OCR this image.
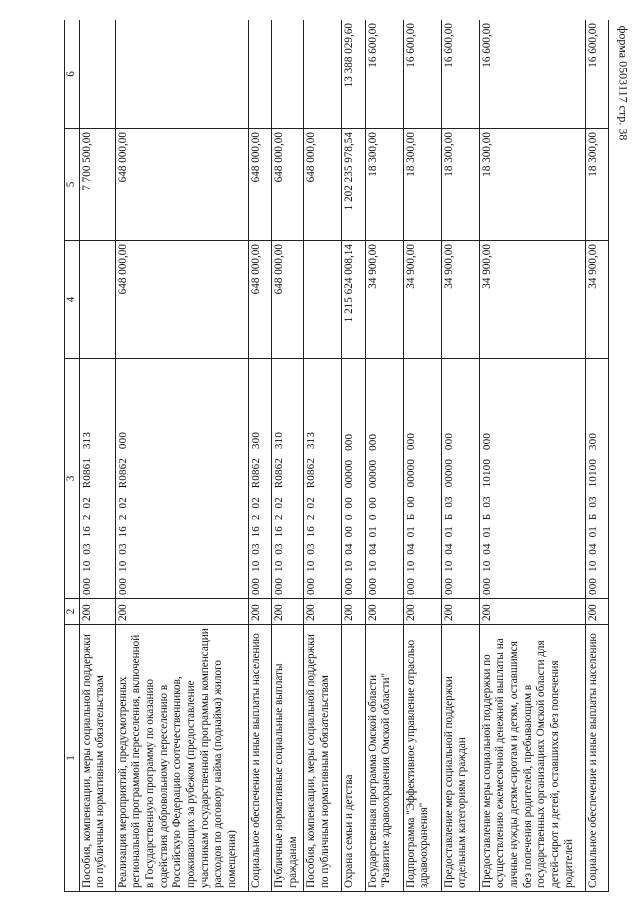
форма 0503117 стр. 38
1	2	3	4	5	6
Пособия, компенсации, меры социальной поддержки по публичным нормативным обязательствам	200	000  10  03  16  2  02   R0861   313		7 700 500,00	
Реализация мероприятий, предусмотренных региональной программой переселения, включенной в Государственную программу по оказанию содействия добровольному переселению в Российскую Федерацию соотечественников, проживающих за рубежом (предоставление участникам государственной программы компенсации расходов по договору найма (поднайма) жилого помещения)	200	000  10  03  16  2  02   R0862   000	648 000,00	648 000,00	
Социальное обеспечение и иные выплаты населению	200	000  10  03  16  2  02   R0862   300	648 000,00	648 000,00	
Публичные нормативные социальные выплаты гражданам	200	000  10  03  16  2  02   R0862   310	648 000,00	648 000,00	
Пособия, компенсации, меры социальной поддержки по публичным нормативным обязательствам	200	000  10  03  16  2  02   R0862   313		648 000,00	
Охрана семьи и детства	200	000  10  04  00  0  00   00000   000	1 215 624 008,14	1 202 235 978,54	13 388 029,60
Государственная программа Омской области "Развитие здравоохранения Омской области"	200	000  10  04  01  0  00   00000   000	34 900,00	18 300,00	16 600,00
Подпрограмма "Эффективное управление отраслью здравоохранения"	200	000  10  04  01  Б  00   00000   000	34 900,00	18 300,00	16 600,00
Предоставление мер социальной поддержки отдельным категориям граждан	200	000  10  04  01  Б  03   00000   000	34 900,00	18 300,00	16 600,00
Предоставление меры социальной поддержки по осуществлению ежемесячной денежной выплаты на личные нужды детям-сиротам и детям, оставшимся без попечения родителей, пребывающим в государственных организациях Омской области для детей-сирот и детей, оставшихся без попечения родителей	200	000  10  04  01  Б  03   10100   000	34 900,00	18 300,00	16 600,00
Социальное обеспечение и иные выплаты населению	200	000  10  04  01  Б  03   10100   300	34 900,00	18 300,00	16 600,00
